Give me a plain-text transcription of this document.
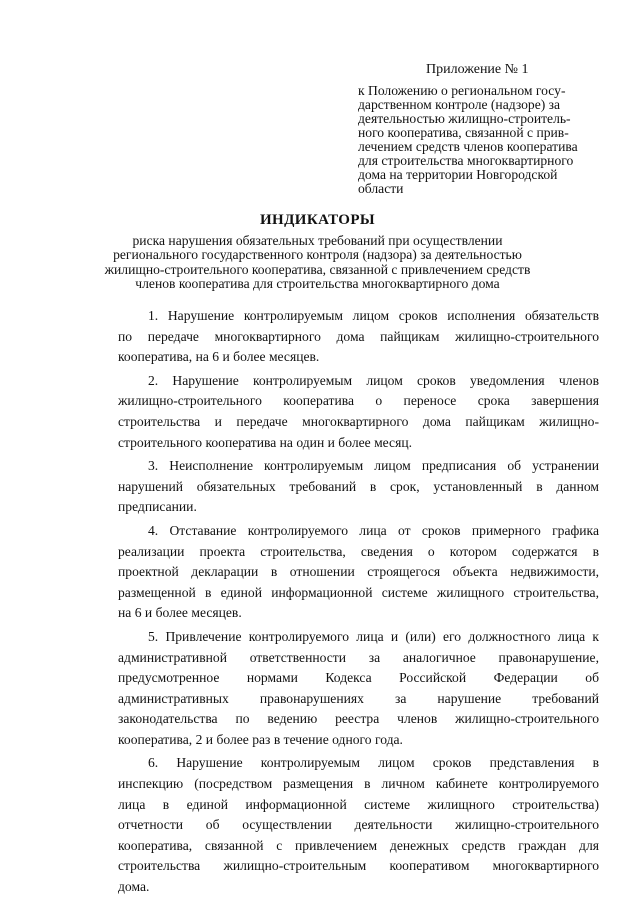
Приложение № 1
к Положению о региональном госу-
дарственном контроле (надзоре) за
деятельностью жилищно-строитель-
ного кооператива, связанной с прив-
лечением средств членов кооператива
для строительства многоквартирного
дома на территории Новгородской
области
ИНДИКАТОРЫ
риска нарушения обязательных требований при осуществлении
регионального государственного контроля (надзора) за деятельностью
жилищно-строительного кооператива, связанной с привлечением средств
членов кооператива для строительства многоквартирного дома
1. Нарушение контролируемым лицом сроков исполнения обязательств
по передаче многоквартирного дома пайщикам жилищно-строительного
кооператива, на 6 и более месяцев.
2. Нарушение контролируемым лицом сроков уведомления членов
жилищно-строительного кооператива о переносе срока завершения
строительства и передаче многоквартирного дома пайщикам жилищно-
строительного кооператива на один и более месяц.
3. Неисполнение контролируемым лицом предписания об устранении
нарушений обязательных требований в срок, установленный в данном
предписании.
4. Отставание контролируемого лица от сроков примерного графика
реализации проекта строительства, сведения о котором содержатся в
проектной декларации в отношении строящегося объекта недвижимости,
размещенной в единой информационной системе жилищного строительства,
на 6 и более месяцев.
5. Привлечение контролируемого лица и (или) его должностного лица к
административной ответственности за аналогичное правонарушение,
предусмотренное нормами Кодекса Российской Федерации об
административных правонарушениях за нарушение требований
законодательства по ведению реестра членов жилищно-строительного
кооператива, 2 и более раз в течение одного года.
6. Нарушение контролируемым лицом сроков представления в
инспекцию (посредством размещения в личном кабинете контролируемого
лица в единой информационной системе жилищного строительства)
отчетности об осуществлении деятельности жилищно-строительного
кооператива, связанной с привлечением денежных средств граждан для
строительства жилищно-строительным кооперативом многоквартирного
дома.
